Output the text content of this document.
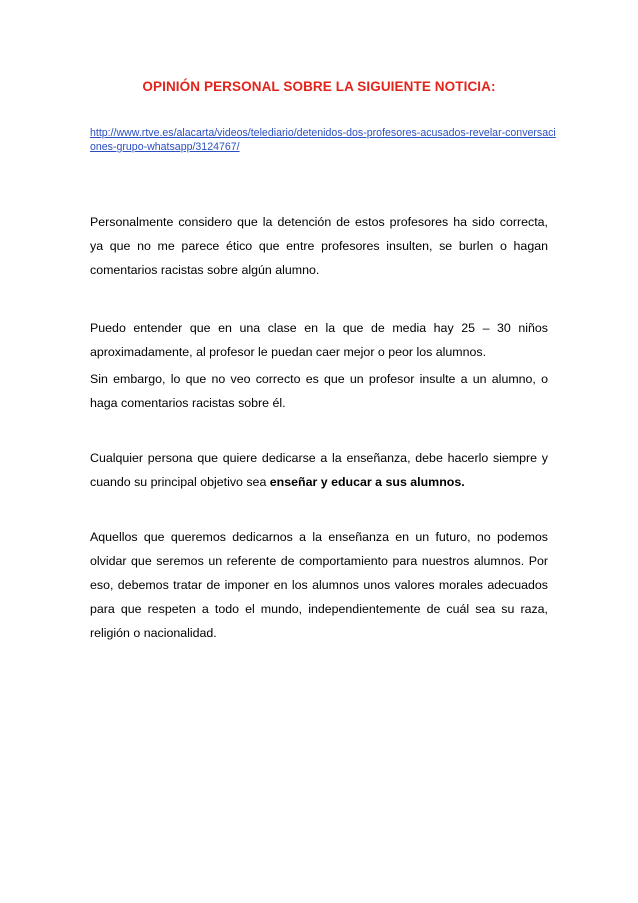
OPINIÓN PERSONAL SOBRE LA SIGUIENTE NOTICIA:
http://www.rtve.es/alacarta/videos/telediario/detenidos-dos-profesores-acusados-revelar-conversaciones-grupo-whatsapp/3124767/
Personalmente considero que la detención de estos profesores ha sido correcta, ya que no me parece ético que entre profesores insulten, se burlen o hagan comentarios racistas sobre algún alumno.
Puedo entender que en una clase en la que de media hay 25 – 30 niños aproximadamente, al profesor le puedan caer mejor o peor los alumnos.
Sin embargo, lo que no veo correcto es que un profesor insulte a un alumno, o haga comentarios racistas sobre él.
Cualquier persona que quiere dedicarse a la enseñanza, debe hacerlo siempre y cuando su principal objetivo sea enseñar y educar a sus alumnos.
Aquellos que queremos dedicarnos a la enseñanza en un futuro, no podemos olvidar que seremos un referente de comportamiento para nuestros alumnos. Por eso, debemos tratar de imponer en los alumnos unos valores morales adecuados para que respeten a todo el mundo, independientemente de cuál sea su raza, religión o nacionalidad.
